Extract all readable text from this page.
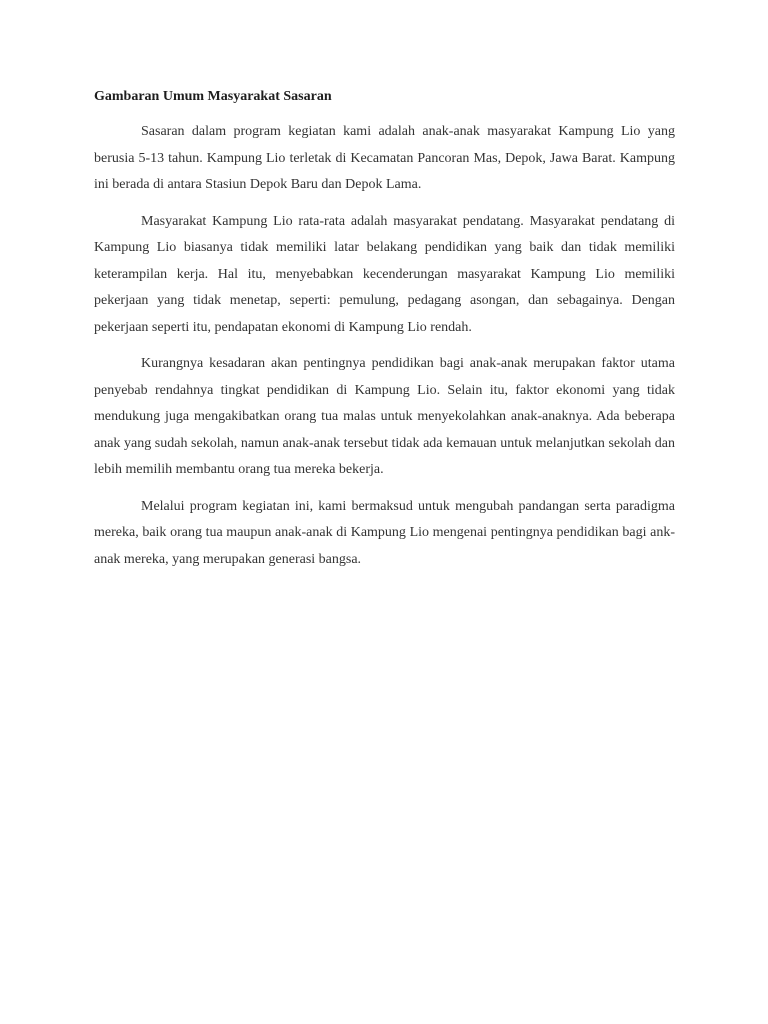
Gambaran Umum Masyarakat Sasaran

Sasaran dalam program kegiatan kami adalah anak-anak masyarakat Kampung Lio yang berusia 5-13 tahun. Kampung Lio terletak di Kecamatan Pancoran Mas, Depok, Jawa Barat. Kampung ini berada di antara Stasiun Depok Baru dan Depok Lama.

Masyarakat Kampung Lio rata-rata adalah masyarakat pendatang. Masyarakat pendatang di Kampung Lio biasanya tidak memiliki latar belakang pendidikan yang baik dan tidak memiliki keterampilan kerja. Hal itu, menyebabkan kecenderungan masyarakat Kampung Lio memiliki pekerjaan yang tidak menetap, seperti: pemulung, pedagang asongan, dan sebagainya. Dengan pekerjaan seperti itu, pendapatan ekonomi di Kampung Lio rendah.

Kurangnya kesadaran akan pentingnya pendidikan bagi anak-anak merupakan faktor utama penyebab rendahnya tingkat pendidikan di Kampung Lio. Selain itu, faktor ekonomi yang tidak mendukung juga mengakibatkan orang tua malas untuk menyekolahkan anak-anaknya. Ada beberapa anak yang sudah sekolah, namun anak-anak tersebut tidak ada kemauan untuk melanjutkan sekolah dan lebih memilih membantu orang tua mereka bekerja.

Melalui program kegiatan ini, kami bermaksud untuk mengubah pandangan serta paradigma mereka, baik orang tua maupun anak-anak di Kampung Lio mengenai pentingnya pendidikan bagi ank-anak mereka, yang merupakan generasi bangsa.
